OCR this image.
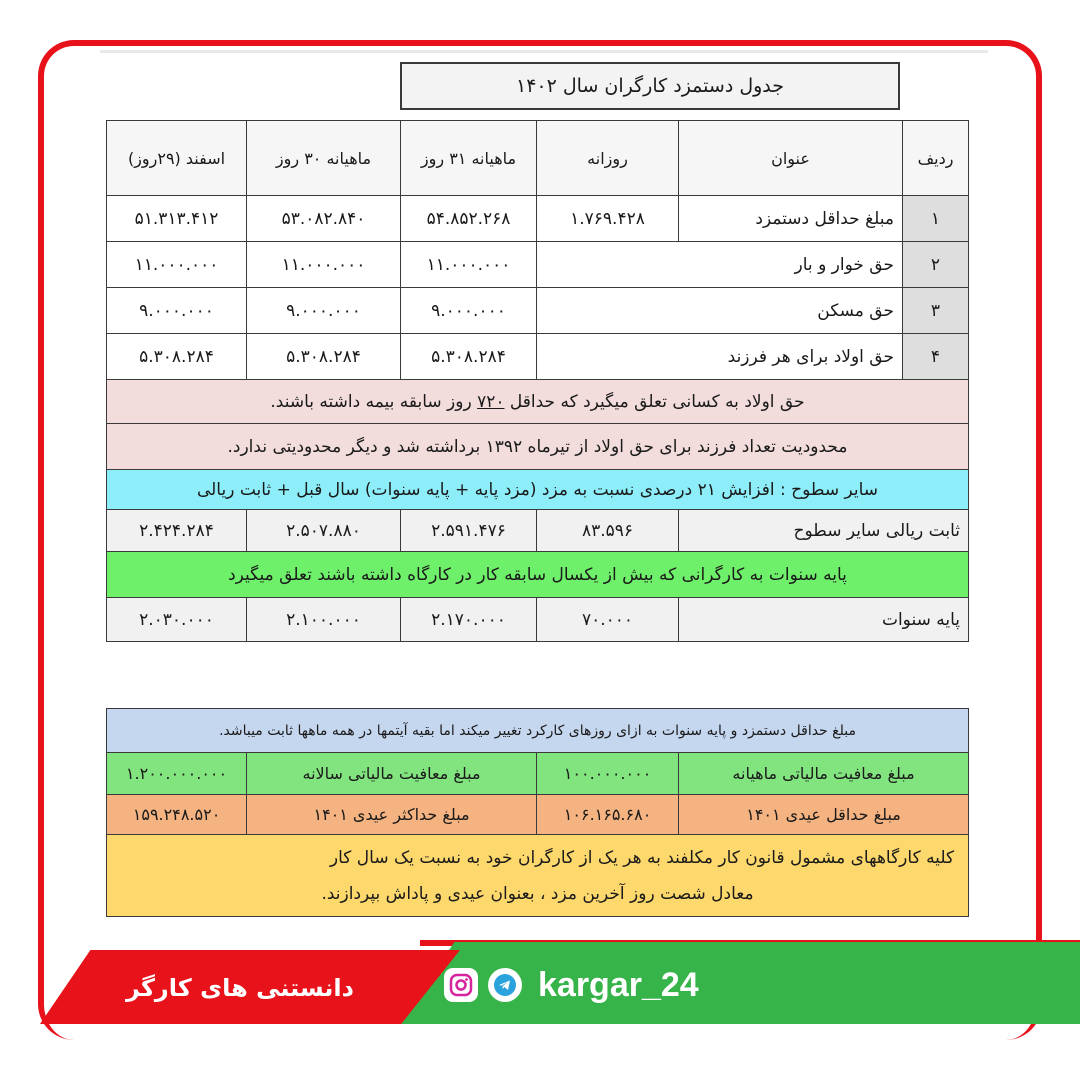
جدول دستمزد کارگران سال ۱۴۰۲
ردیف	عنوان	روزانه	ماهیانه ۳۱ روز	ماهیانه ۳۰ روز	اسفند (۲۹روز)
۱	مبلغ حداقل دستمزد	۱.۷۶۹.۴۲۸	۵۴.۸۵۲.۲۶۸	۵۳.۰۸۲.۸۴۰	۵۱.۳۱۳.۴۱۲
۲	حق خوار و بار		۱۱.۰۰۰.۰۰۰	۱۱.۰۰۰.۰۰۰	۱۱.۰۰۰.۰۰۰
۳	حق مسکن		۹.۰۰۰.۰۰۰	۹.۰۰۰.۰۰۰	۹.۰۰۰.۰۰۰
۴	حق اولاد برای هر فرزند		۵.۳۰۸.۲۸۴	۵.۳۰۸.۲۸۴	۵.۳۰۸.۲۸۴
حق اولاد به کسانی تعلق میگیرد که حداقل ۷۲۰ روز سابقه بیمه داشته باشند.					
محدودیت تعداد فرزند برای حق اولاد از تیرماه ۱۳۹۲ برداشته شد و دیگر محدودیتی ندارد.					
سایر سطوح : افزایش ۲۱ درصدی نسبت به مزد (مزد پایه + پایه سنوات) سال قبل + ثابت ریالی					
ثابت ریالی سایر سطوح		۸۳.۵۹۶	۲.۵۹۱.۴۷۶	۲.۵۰۷.۸۸۰	۲.۴۲۴.۲۸۴
پایه سنوات به کارگرانی که بیش از یکسال سابقه کار در کارگاه داشته باشند تعلق میگیرد					
پایه سنوات		۷۰.۰۰۰	۲.۱۷۰.۰۰۰	۲.۱۰۰.۰۰۰	۲.۰۳۰.۰۰۰
مبلغ حداقل دستمزد و پایه سنوات به ازای روزهای کارکرد تغییر میکند اما بقیه آیتمها در همه ماهها ثابت میباشد.			
مبلغ معافیت مالیاتی ماهیانه	۱۰۰.۰۰۰.۰۰۰	مبلغ معافیت مالیاتی سالانه	۱.۲۰۰.۰۰۰.۰۰۰
مبلغ حداقل عیدی ۱۴۰۱	۱۰۶.۱۶۵.۶۸۰	مبلغ حداکثر عیدی ۱۴۰۱	۱۵۹.۲۴۸.۵۲۰

کلیه کارگاههای مشمول قانون کار مکلفند به هر یک از کارگران خود به نسبت یک سال کار
معادل شصت روز آخرین مزد ، بعنوان عیدی و پاداش بپردازند.			
دانستنی های کارگر	kargar_24
